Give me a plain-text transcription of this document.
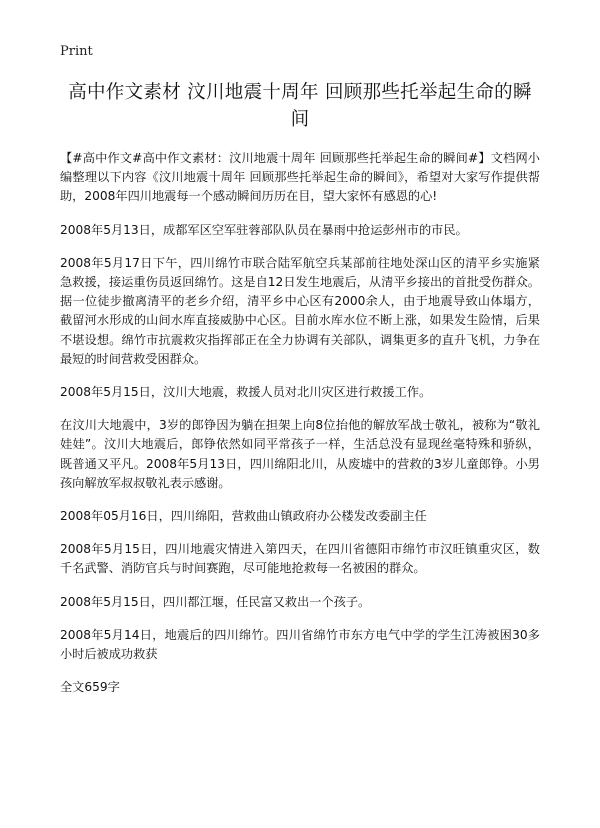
Print
高中作文素材 汶川地震十周年 回顾那些托举起生命的瞬间

【#高中作文#高中作文素材：汶川地震十周年 回顾那些托举起生命的瞬间#】文档网小编整理以下内容《汶川地震十周年 回顾那些托举起生命的瞬间》，希望对大家写作提供帮助，2008年四川地震每一个感动瞬间历历在目，望大家怀有感恩的心!

2008年5月13日，成都军区空军驻蓉部队队员在暴雨中抢运彭州市的市民。

2008年5月17日下午，四川绵竹市联合陆军航空兵某部前往地处深山区的清平乡实施紧急救援，接运重伤员返回绵竹。这是自12日发生地震后，从清平乡接出的首批受伤群众。据一位徒步撤离清平的老乡介绍，清平乡中心区有2000余人，由于地震导致山体塌方，截留河水形成的山间水库直接威胁中心区。目前水库水位不断上涨，如果发生险情，后果不堪设想。绵竹市抗震救灾指挥部正在全力协调有关部队，调集更多的直升飞机，力争在最短的时间营救受困群众。

2008年5月15日，汶川大地震，救援人员对北川灾区进行救援工作。

在汶川大地震中，3岁的郎铮因为躺在担架上向8位抬他的解放军战士敬礼，被称为“敬礼娃娃”。汶川大地震后，郎铮依然如同平常孩子一样，生活总没有显现丝毫特殊和骄纵，既普通又平凡。2008年5月13日，四川绵阳北川，从废墟中的营救的3岁儿童郎铮。小男孩向解放军叔叔敬礼表示感谢。

2008年05月16日，四川绵阳，营救曲山镇政府办公楼发改委副主任

2008年5月15日，四川地震灾情进入第四天，在四川省德阳市绵竹市汉旺镇重灾区，数千名武警、消防官兵与时间赛跑，尽可能地抢救每一名被困的群众。

2008年5月15日，四川都江堰，任民富又救出一个孩子。

2008年5月14日，地震后的四川绵竹。四川省绵竹市东方电气中学的学生江涛被困30多小时后被成功救获

全文659字
